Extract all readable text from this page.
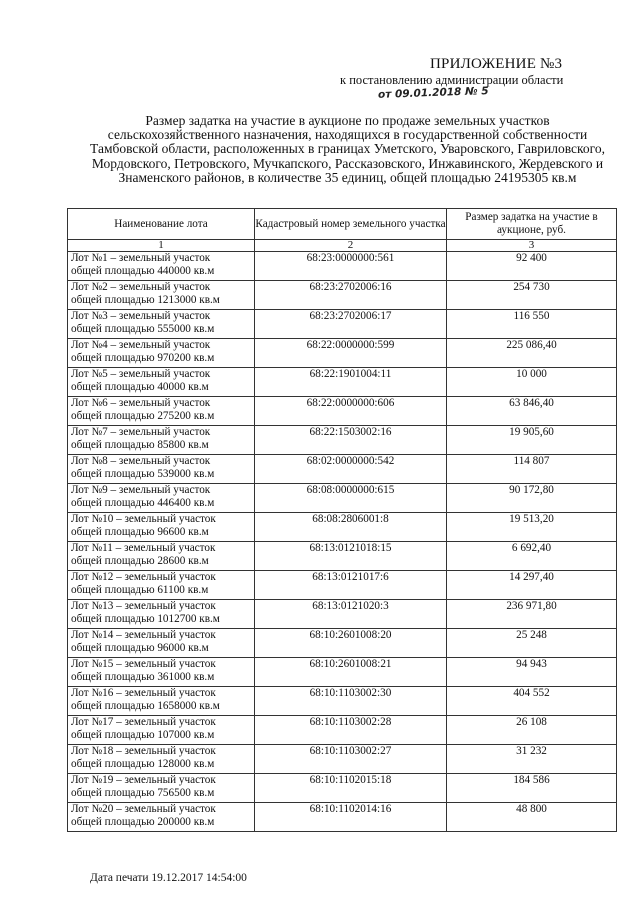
ПРИЛОЖЕНИЕ №3
к постановлению администрации области
от 09.01.2018 № 5
Размер задатка на участие в аукционе по продаже земельных участков сельскохозяйственного назначения, находящихся в государственной собственности Тамбовской области, расположенных в границах Уметского, Уваровского, Гавриловского, Мордовского, Петровского, Мучкапского, Рассказовского, Инжавинского, Жердевского и Знаменского районов, в количестве 35 единиц, общей площадью 24195305 кв.м
Наименование лота	Кадастровый номер земельного участка	Размер задатка на участие в аукционе, руб.
1	2	3

Лот №1 – земельный участок
общей площадью 440000 кв.м	68:23:0000000:561	92 400

Лот №2 – земельный участок
общей площадью 1213000 кв.м	68:23:2702006:16	254 730

Лот №3 – земельный участок
общей площадью 555000 кв.м	68:23:2702006:17	116 550

Лот №4 – земельный участок
общей площадью 970200 кв.м	68:22:0000000:599	225 086,40

Лот №5 – земельный участок
общей площадью 40000 кв.м	68:22:1901004:11	10 000

Лот №6 – земельный участок
общей площадью 275200 кв.м	68:22:0000000:606	63 846,40

Лот №7 – земельный участок
общей площадью 85800 кв.м	68:22:1503002:16	19 905,60

Лот №8 – земельный участок
общей площадью 539000 кв.м	68:02:0000000:542	114 807

Лот №9 – земельный участок
общей площадью 446400 кв.м	68:08:0000000:615	90 172,80

Лот №10 – земельный участок
общей площадью 96600 кв.м	68:08:2806001:8	19 513,20

Лот №11 – земельный участок
общей площадью 28600 кв.м	68:13:0121018:15	6 692,40

Лот №12 – земельный участок
общей площадью 61100 кв.м	68:13:0121017:6	14 297,40

Лот №13 – земельный участок
общей площадью 1012700 кв.м	68:13:0121020:3	236 971,80

Лот №14 – земельный участок
общей площадью 96000 кв.м	68:10:2601008:20	25 248

Лот №15 – земельный участок
общей площадью 361000 кв.м	68:10:2601008:21	94 943

Лот №16 – земельный участок
общей площадью 1658000 кв.м	68:10:1103002:30	404 552

Лот №17 – земельный участок
общей площадью 107000 кв.м	68:10:1103002:28	26 108

Лот №18 – земельный участок
общей площадью 128000 кв.м	68:10:1103002:27	31 232

Лот №19 – земельный участок
общей площадью 756500 кв.м	68:10:1102015:18	184 586

Лот №20 – земельный участок
общей площадью 200000 кв.м	68:10:1102014:16	48 800
Дата печати 19.12.2017 14:54:00
